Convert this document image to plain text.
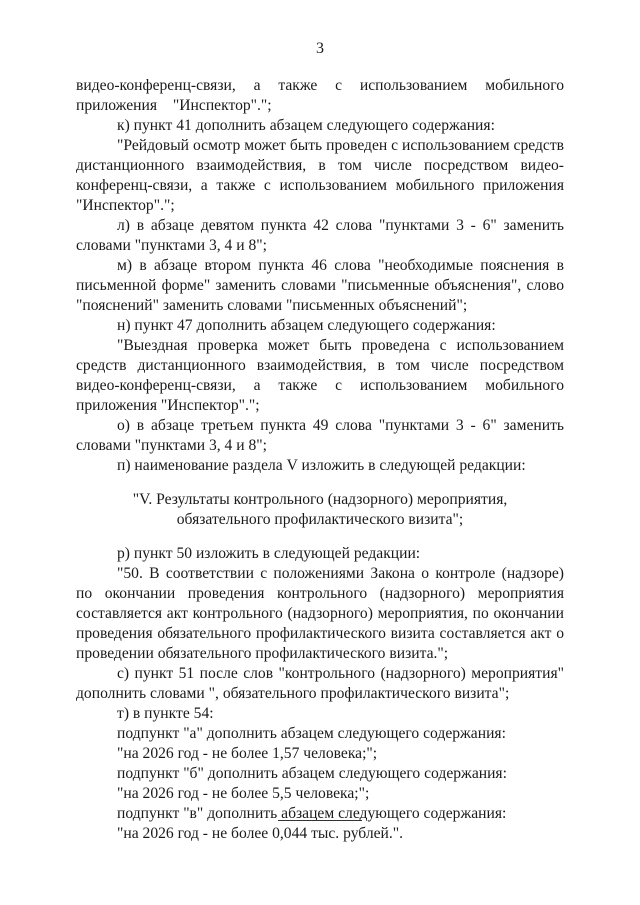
3

видео-конференц-связи, а также с использованием мобильного приложения "Инспектор".";

к) пункт 41 дополнить абзацем следующего содержания:

"Рейдовый осмотр может быть проведен с использованием средств дистанционного взаимодействия, в том числе посредством видео-конференц-связи, а также с использованием мобильного приложения "Инспектор".";

л) в абзаце девятом пункта 42 слова "пунктами 3 - 6" заменить словами "пунктами 3, 4 и 8";

м) в абзаце втором пункта 46 слова "необходимые пояснения в письменной форме" заменить словами "письменные объяснения", слово "пояснений" заменить словами "письменных объяснений";

н) пункт 47 дополнить абзацем следующего содержания:

"Выездная проверка может быть проведена с использованием средств дистанционного взаимодействия, в том числе посредством видео-конференц-связи, а также с использованием мобильного приложения "Инспектор".";

о) в абзаце третьем пункта 49 слова "пунктами 3 - 6" заменить словами "пунктами 3, 4 и 8";

п) наименование раздела V изложить в следующей редакции:

"V. Результаты контрольного (надзорного) мероприятия,
обязательного профилактического визита";

р) пункт 50 изложить в следующей редакции:

"50. В соответствии с положениями Закона о контроле (надзоре) по окончании проведения контрольного (надзорного) мероприятия составляется акт контрольного (надзорного) мероприятия, по окончании проведения обязательного профилактического визита составляется акт о проведении обязательного профилактического визита.";

с) пункт 51 после слов "контрольного (надзорного) мероприятия" дополнить словами ", обязательного профилактического визита";

т) в пункте 54:

подпункт "а" дополнить абзацем следующего содержания:

"на 2026 год - не более 1,57 человека;";

подпункт "б" дополнить абзацем следующего содержания:

"на 2026 год - не более 5,5 человека;";

подпункт "в" дополнить абзацем следующего содержания:

"на 2026 год - не более 0,044 тыс. рублей.".
